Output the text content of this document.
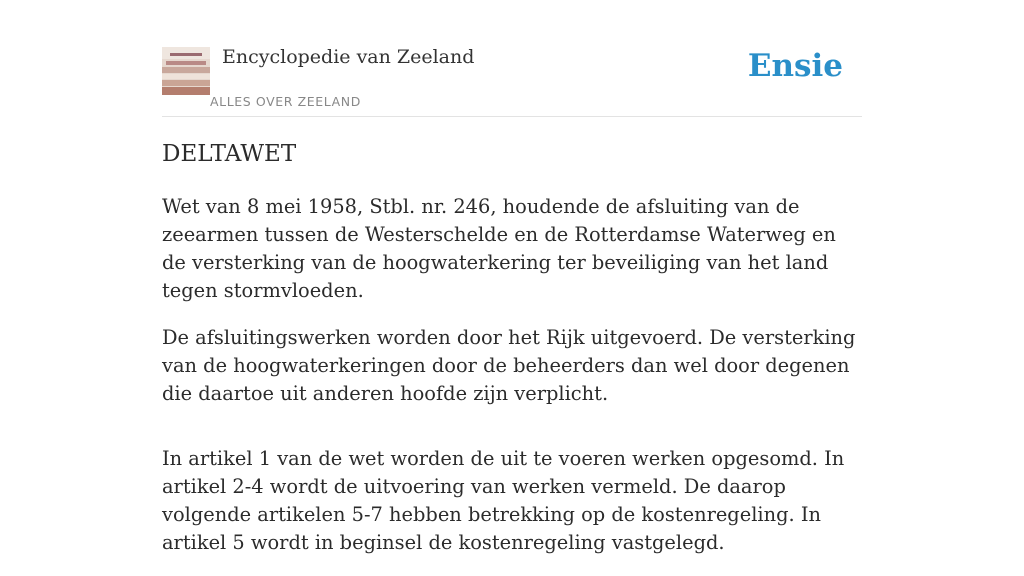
Encyclopedie van Zeeland
ALLES OVER ZEELAND
Ensie
DELTAWET

Wet van 8 mei 1958, Stbl. nr. 246, houdende de afsluiting van de zeearmen tussen de Westerschelde en de Rotterdamse Waterweg en de versterking van de hoogwaterkering ter beveiliging van het land tegen stormvloeden.

De afsluitingswerken worden door het Rijk uitgevoerd. De versterking van de hoogwaterkeringen door de beheerders dan wel door degenen die daartoe uit anderen hoofde zijn verplicht.

In artikel 1 van de wet worden de uit te voeren werken opgesomd. In artikel 2-4 wordt de uitvoering van werken vermeld. De daarop volgende artikelen 5-7 hebben betrekking op de kostenregeling. In artikel 5 wordt in beginsel de kostenregeling vastgelegd.
